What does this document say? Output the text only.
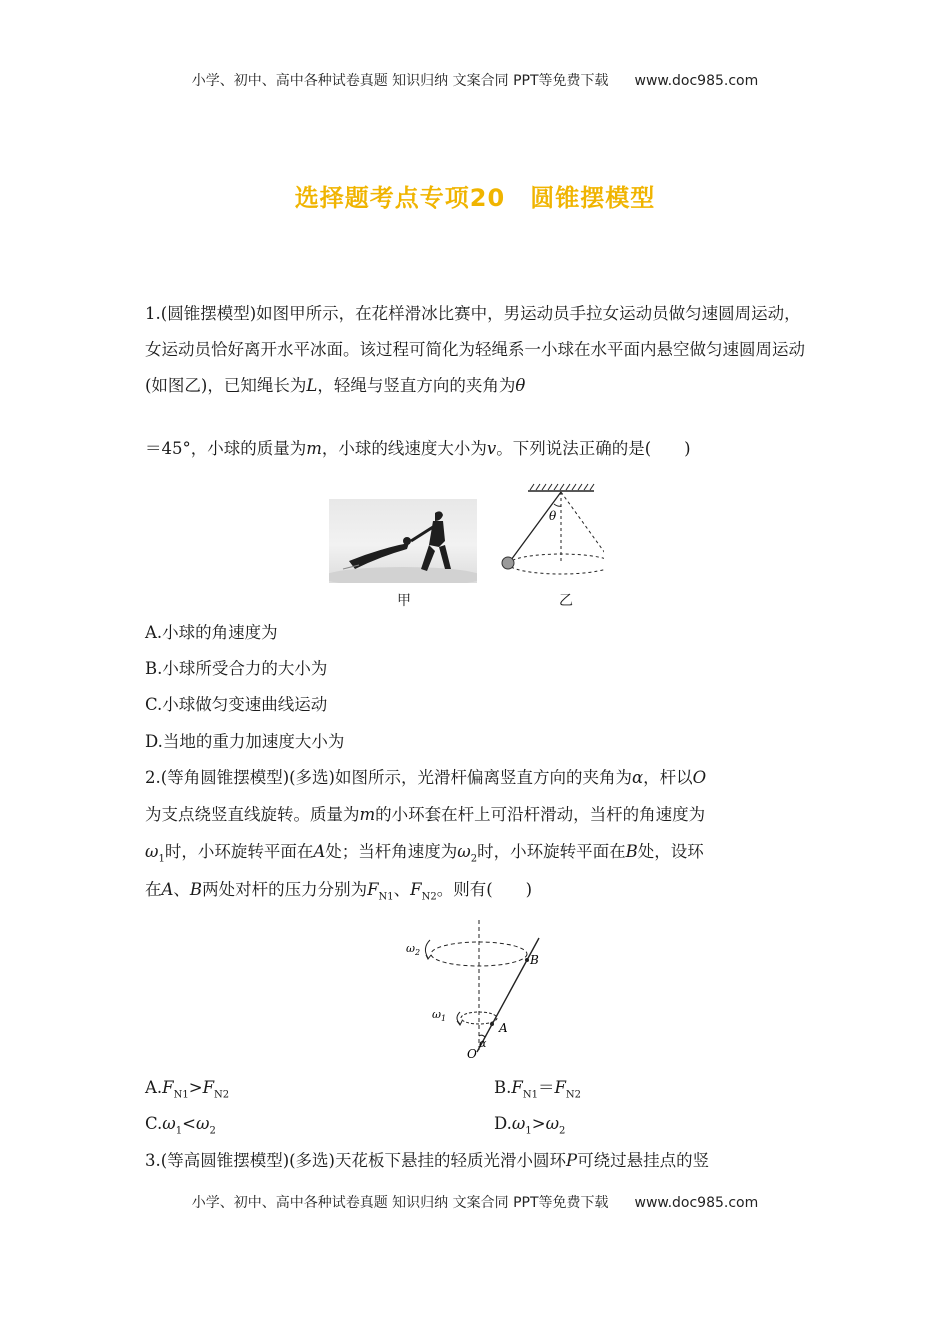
小学、初中、高中各种试卷真题 知识归纳 文案合同 PPT等免费下载 www.doc985.com
选择题考点专项20　圆锥摆模型
1.(圆锥摆模型)如图甲所示，在花样滑冰比赛中，男运动员手拉女运动员做匀速圆周运动，女运动员恰好离开水平冰面。该过程可简化为轻绳系一小球在水平面内悬空做匀速圆周运动(如图乙)，已知绳长为L，轻绳与竖直方向的夹角为θ
＝45°，小球的质量为m，小球的线速度大小为v。下列说法正确的是(　　)
甲
θ
乙
A.小球的角速度为
B.小球所受合力的大小为
C.小球做匀变速曲线运动
D.当地的重力加速度大小为
2.(等角圆锥摆模型)(多选)如图所示，光滑杆偏离竖直方向的夹角为α，杆以O
为支点绕竖直线旋转。质量为m的小环套在杆上可沿杆滑动，当杆的角速度为
$\omega_1$时，小环旋转平面在A处；当杆角速度为$\omega_2$时，小环旋转平面在B处，设环
在A、B两处对杆的压力分别为$F_{N1}$、$F_{N2}$。则有(　　)
$\omega_2$
$\omega_1$
B
A
α
O
$A.F_{N1}>F_{N2}$	$B.F_{N1}=F_{N2}$
$C.\omega_1<\omega_2$	$D.\omega_1>\omega_2$
3.(等高圆锥摆模型)(多选)天花板下悬挂的轻质光滑小圆环P可绕过悬挂点的竖
小学、初中、高中各种试卷真题 知识归纳 文案合同 PPT等免费下载 www.doc985.com
